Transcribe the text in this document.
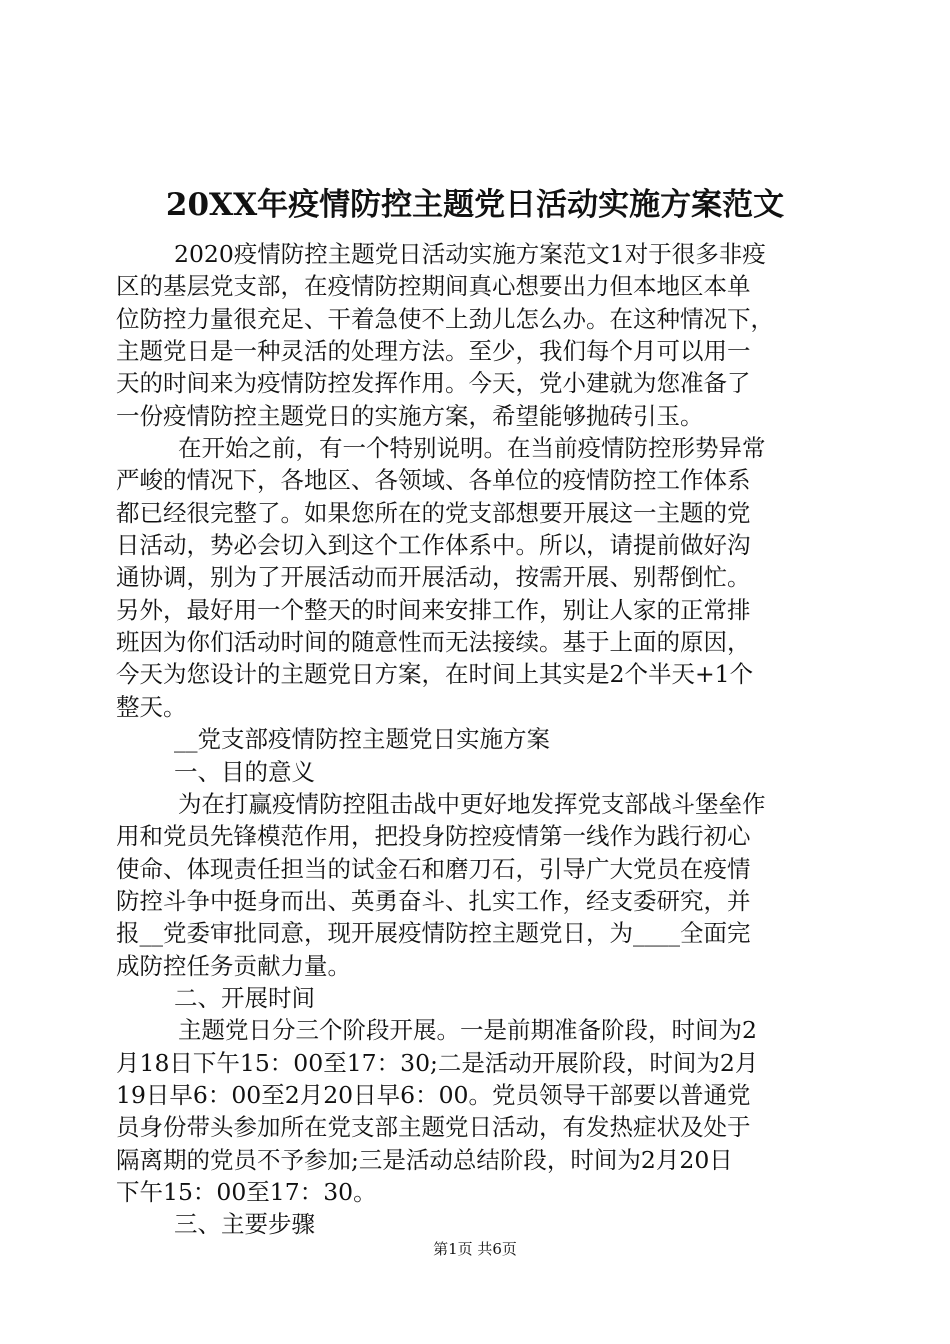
20XX年疫情防控主题党日活动实施方案范文
2020疫情防控主题党日活动实施方案范文1对于很多非疫
区的基层党支部，在疫情防控期间真心想要出力但本地区本单
位防控力量很充足、干着急使不上劲儿怎么办。在这种情况下，
主题党日是一种灵活的处理方法。至少，我们每个月可以用一
天的时间来为疫情防控发挥作用。今天，党小建就为您准备了
一份疫情防控主题党日的实施方案，希望能够抛砖引玉。
在开始之前，有一个特别说明。在当前疫情防控形势异常
严峻的情况下，各地区、各领域、各单位的疫情防控工作体系
都已经很完整了。如果您所在的党支部想要开展这一主题的党
日活动，势必会切入到这个工作体系中。所以，请提前做好沟
通协调，别为了开展活动而开展活动，按需开展、别帮倒忙。
另外，最好用一个整天的时间来安排工作，别让人家的正常排
班因为你们活动时间的随意性而无法接续。基于上面的原因，
今天为您设计的主题党日方案，在时间上其实是2个半天+1个
整天。
__党支部疫情防控主题党日实施方案
一、目的意义
为在打赢疫情防控阻击战中更好地发挥党支部战斗堡垒作
用和党员先锋模范作用，把投身防控疫情第一线作为践行初心
使命、体现责任担当的试金石和磨刀石，引导广大党员在疫情
防控斗争中挺身而出、英勇奋斗、扎实工作，经支委研究，并
报__党委审批同意，现开展疫情防控主题党日，为____全面完
成防控任务贡献力量。
二、开展时间
主题党日分三个阶段开展。一是前期准备阶段，时间为2
月18日下午15：00至17：30;二是活动开展阶段，时间为2月
19日早6：00至2月20日早6：00。党员领导干部要以普通党
员身份带头参加所在党支部主题党日活动，有发热症状及处于
隔离期的党员不予参加;三是活动总结阶段，时间为2月20日
下午15：00至17：30。
三、主要步骤
第1页 共6页
